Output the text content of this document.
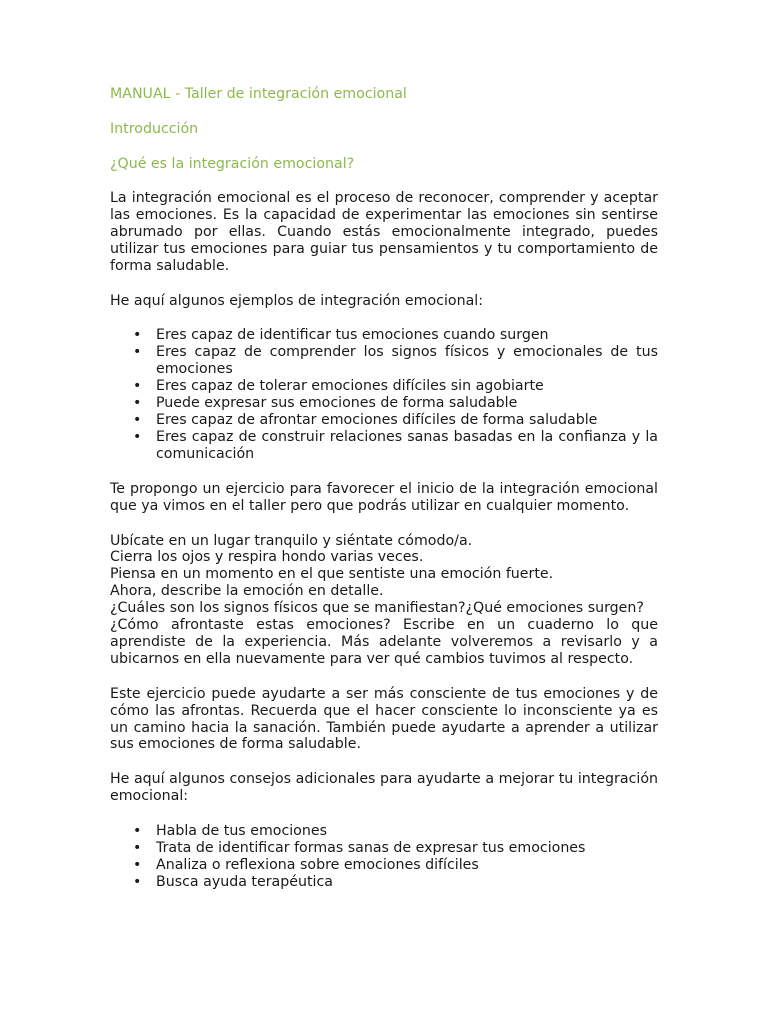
MANUAL - Taller de integración emocional
Introducción
¿Qué es la integración emocional?

La integración emocional es el proceso de reconocer, comprender y aceptar las emociones. Es la capacidad de experimentar las emociones sin sentirse abrumado por ellas. Cuando estás emocionalmente integrado, puedes utilizar tus emociones para guiar tus pensamientos y tu comportamiento de forma saludable.

He aquí algunos ejemplos de integración emocional:

• Eres capaz de identificar tus emociones cuando surgen
• Eres capaz de comprender los signos físicos y emocionales de tus emociones
• Eres capaz de tolerar emociones difíciles sin agobiarte
• Puede expresar sus emociones de forma saludable
• Eres capaz de afrontar emociones difíciles de forma saludable
• Eres capaz de construir relaciones sanas basadas en la confianza y la comunicación

Te propongo un ejercicio para favorecer el inicio de la integración emocional que ya vimos en el taller pero que podrás utilizar en cualquier momento.

Ubícate en un lugar tranquilo y siéntate cómodo/a.

Cierra los ojos y respira hondo varias veces.

Piensa en un momento en el que sentiste una emoción fuerte.

Ahora, describe la emoción en detalle.

¿Cuáles son los signos físicos que se manifiestan?¿Qué emociones surgen?

¿Cómo afrontaste estas emociones? Escribe en un cuaderno lo que aprendiste de la experiencia. Más adelante volveremos a revisarlo y a ubicarnos en ella nuevamente para ver qué cambios tuvimos al respecto.

Este ejercicio puede ayudarte a ser más consciente de tus emociones y de cómo las afrontas. Recuerda que el hacer consciente lo inconsciente ya es un camino hacia la sanación. También puede ayudarte a aprender a utilizar sus emociones de forma saludable.

He aquí algunos consejos adicionales para ayudarte a mejorar tu integración emocional:

• Habla de tus emociones
• Trata de identificar formas sanas de expresar tus emociones
• Analiza o reflexiona sobre emociones difíciles
• Busca ayuda terapéutica
